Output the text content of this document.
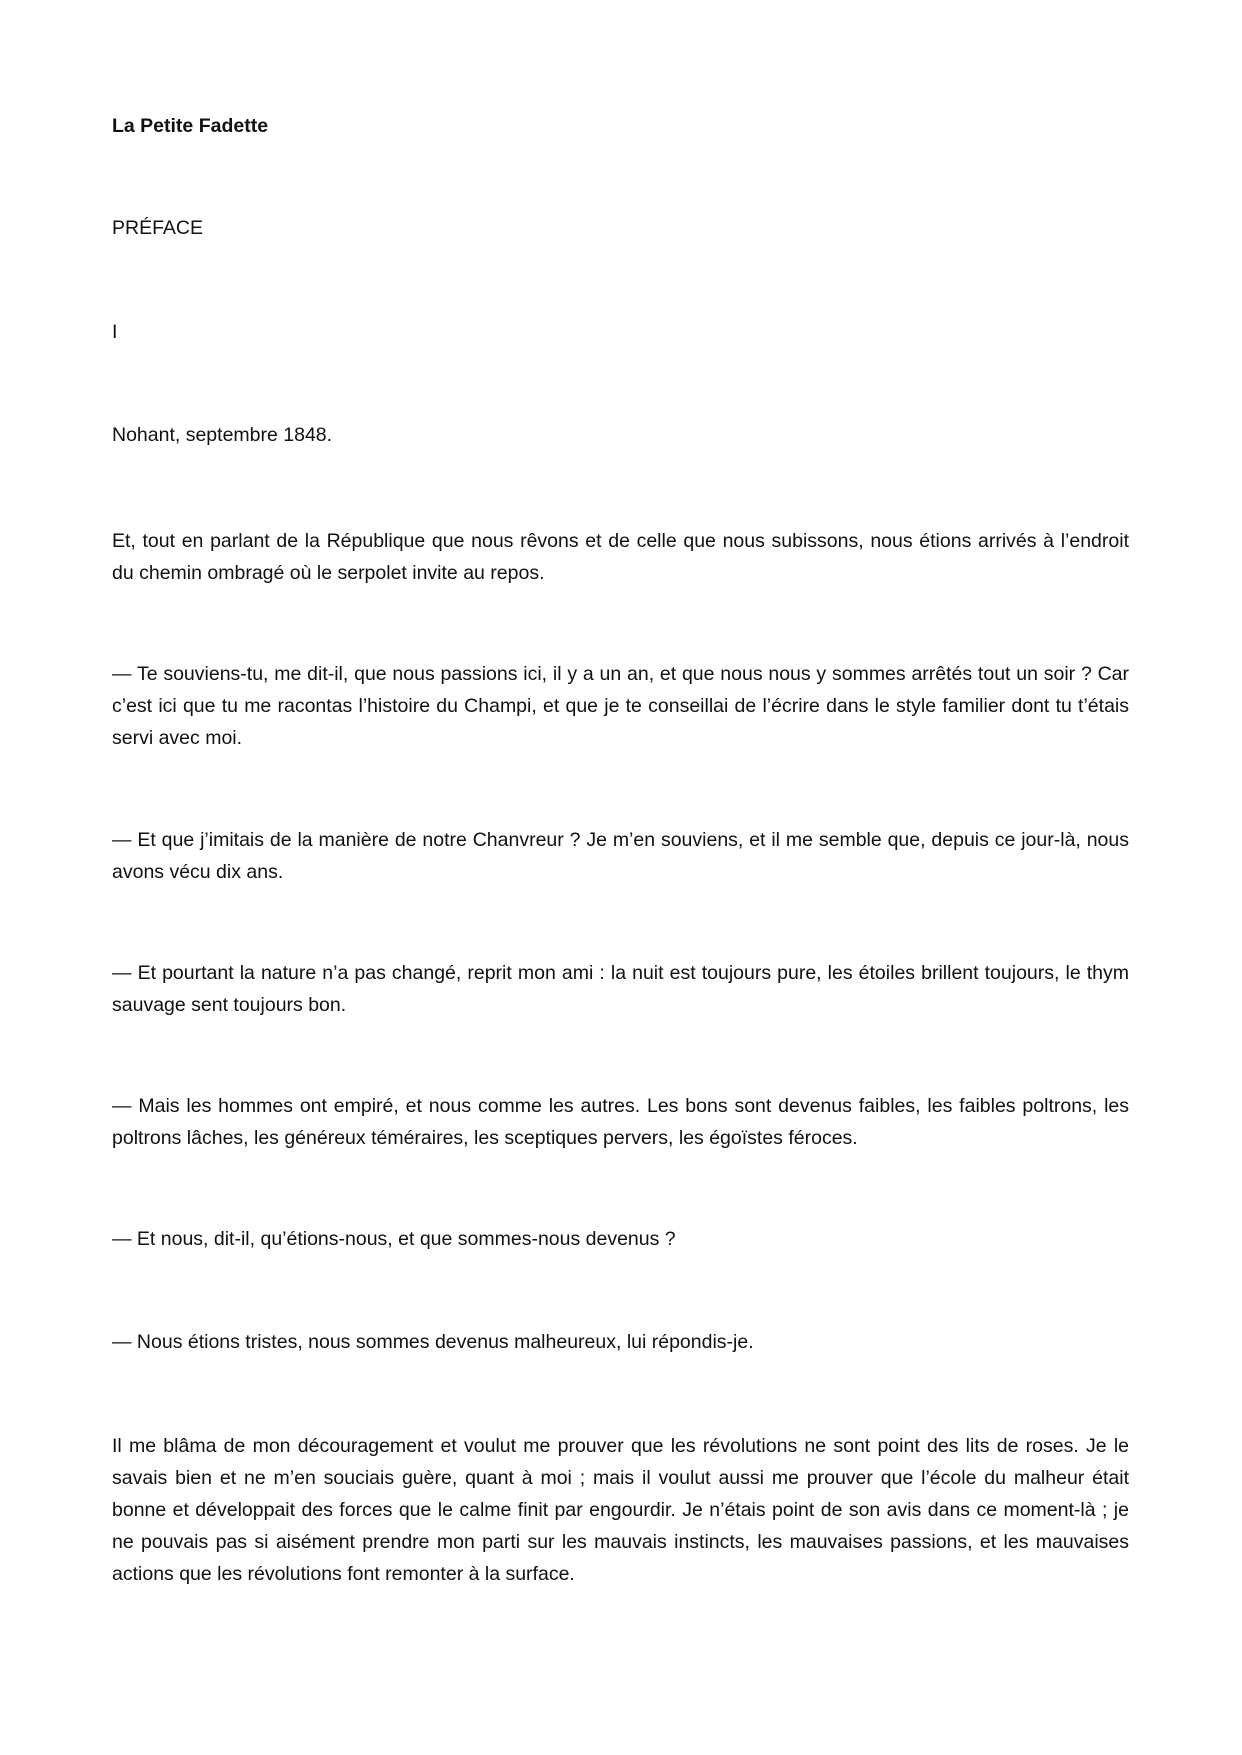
La Petite Fadette

PRÉFACE

I

Nohant, septembre 1848.

Et, tout en parlant de la République que nous rêvons et de celle que nous subissons, nous étions arrivés à l’endroit du chemin ombragé où le serpolet invite au repos.

— Te souviens-tu, me dit-il, que nous passions ici, il y a un an, et que nous nous y sommes arrêtés tout un soir ? Car c’est ici que tu me racontas l’histoire du Champi, et que je te conseillai de l’écrire dans le style familier dont tu t’étais servi avec moi.

— Et que j’imitais de la manière de notre Chanvreur ? Je m’en souviens, et il me semble que, depuis ce jour-là, nous avons vécu dix ans.

— Et pourtant la nature n’a pas changé, reprit mon ami : la nuit est toujours pure, les étoiles brillent toujours, le thym sauvage sent toujours bon.

— Mais les hommes ont empiré, et nous comme les autres. Les bons sont devenus faibles, les faibles poltrons, les poltrons lâches, les généreux téméraires, les sceptiques pervers, les égoïstes féroces.

— Et nous, dit-il, qu’étions-nous, et que sommes-nous devenus ?

— Nous étions tristes, nous sommes devenus malheureux, lui répondis-je.

Il me blâma de mon découragement et voulut me prouver que les révolutions ne sont point des lits de roses. Je le savais bien et ne m’en souciais guère, quant à moi ; mais il voulut aussi me prouver que l’école du malheur était bonne et développait des forces que le calme finit par engourdir. Je n’étais point de son avis dans ce moment-là ; je ne pouvais pas si aisément prendre mon parti sur les mauvais instincts, les mauvaises passions, et les mauvaises actions que les révolutions font remonter à la surface.
